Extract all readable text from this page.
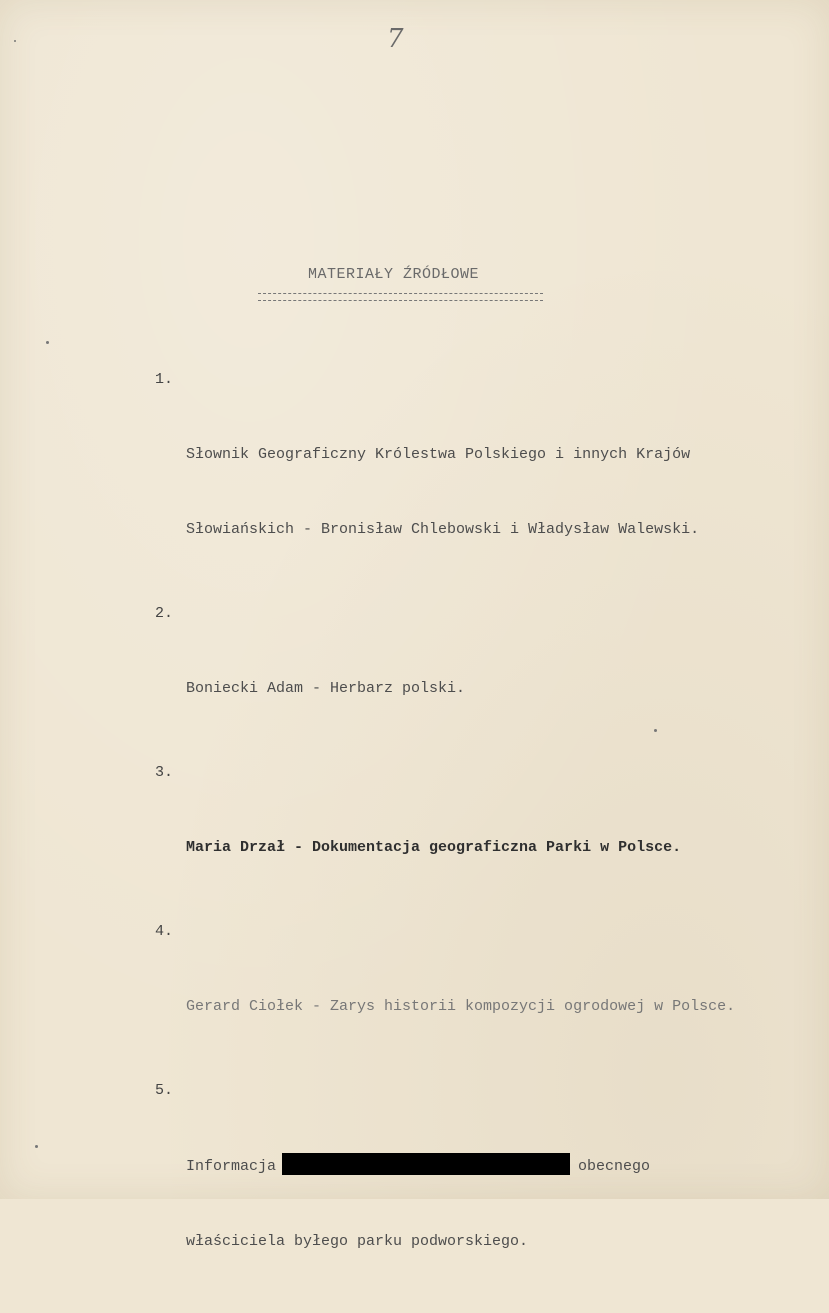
7
MATERIAŁY ŹRÓDŁOWE

1.

Słownik Geograficzny Królestwa Polskiego i innych Krajów

Słowiańskich - Bronisław Chlebowski i Władysław Walewski.

2.

Boniecki Adam - Herbarz polski.

3.

Maria Drzał - Dokumentacja geograficzna Parki w Polsce.

4.

Gerard Ciołek - Zarys historii kompozycji ogrodowej w Polsce.

5.

Informacja	obecnego

właściciela byłego parku podworskiego.
